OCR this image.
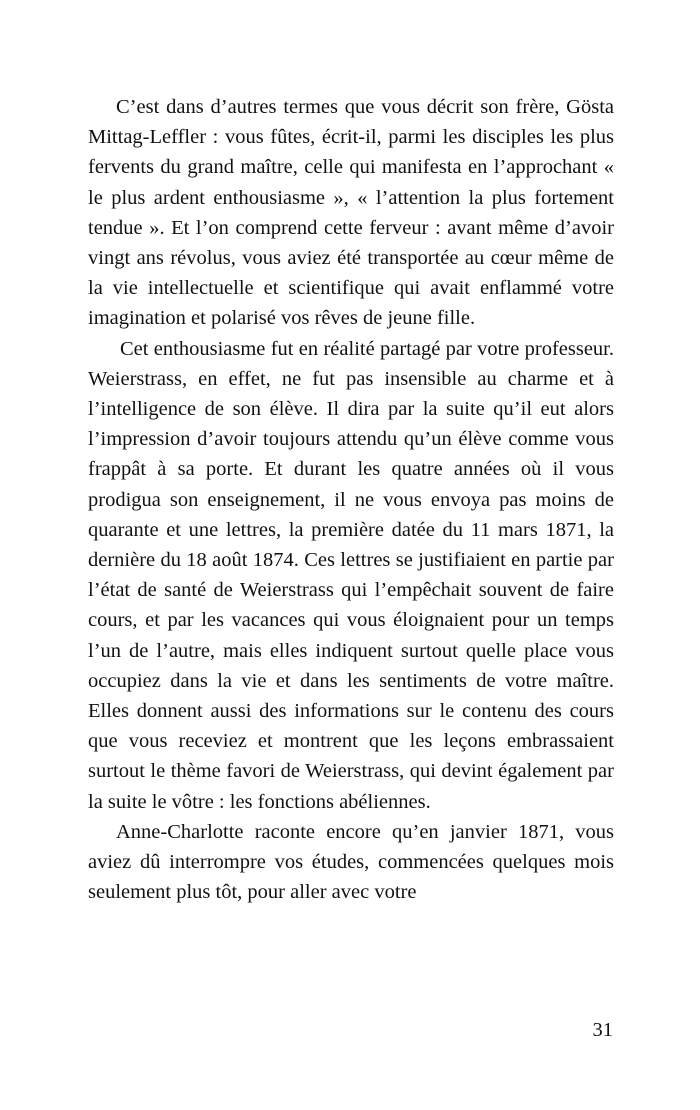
C’est dans d’autres termes que vous décrit son frère, Gösta Mittag-Leffler : vous fûtes, écrit-il, parmi les disciples les plus fervents du grand maître, celle qui manifesta en l’approchant « le plus ardent enthousiasme », « l’attention la plus fortement tendue ». Et l’on comprend cette ferveur : avant même d’avoir vingt ans révolus, vous aviez été transportée au cœur même de la vie intellectuelle et scientifique qui avait enflammé votre imagination et polarisé vos rêves de jeune fille.

Cet enthousiasme fut en réalité partagé par votre professeur. Weierstrass, en effet, ne fut pas insensible au charme et à l’intelligence de son élève. Il dira par la suite qu’il eut alors l’impression d’avoir toujours attendu qu’un élève comme vous frappât à sa porte. Et durant les quatre années où il vous prodigua son enseignement, il ne vous envoya pas moins de quarante et une lettres, la première datée du 11 mars 1871, la dernière du 18 août 1874. Ces lettres se justifiaient en partie par l’état de santé de Weierstrass qui l’empêchait souvent de faire cours, et par les vacances qui vous éloignaient pour un temps l’un de l’autre, mais elles indiquent surtout quelle place vous occupiez dans la vie et dans les sentiments de votre maître. Elles donnent aussi des informations sur le contenu des cours que vous receviez et montrent que les leçons embrassaient surtout le thème favori de Weierstrass, qui devint également par la suite le vôtre : les fonctions abéliennes.

Anne-Charlotte raconte encore qu’en janvier 1871, vous aviez dû interrompre vos études, commencées quelques mois seulement plus tôt, pour aller avec votre

31
